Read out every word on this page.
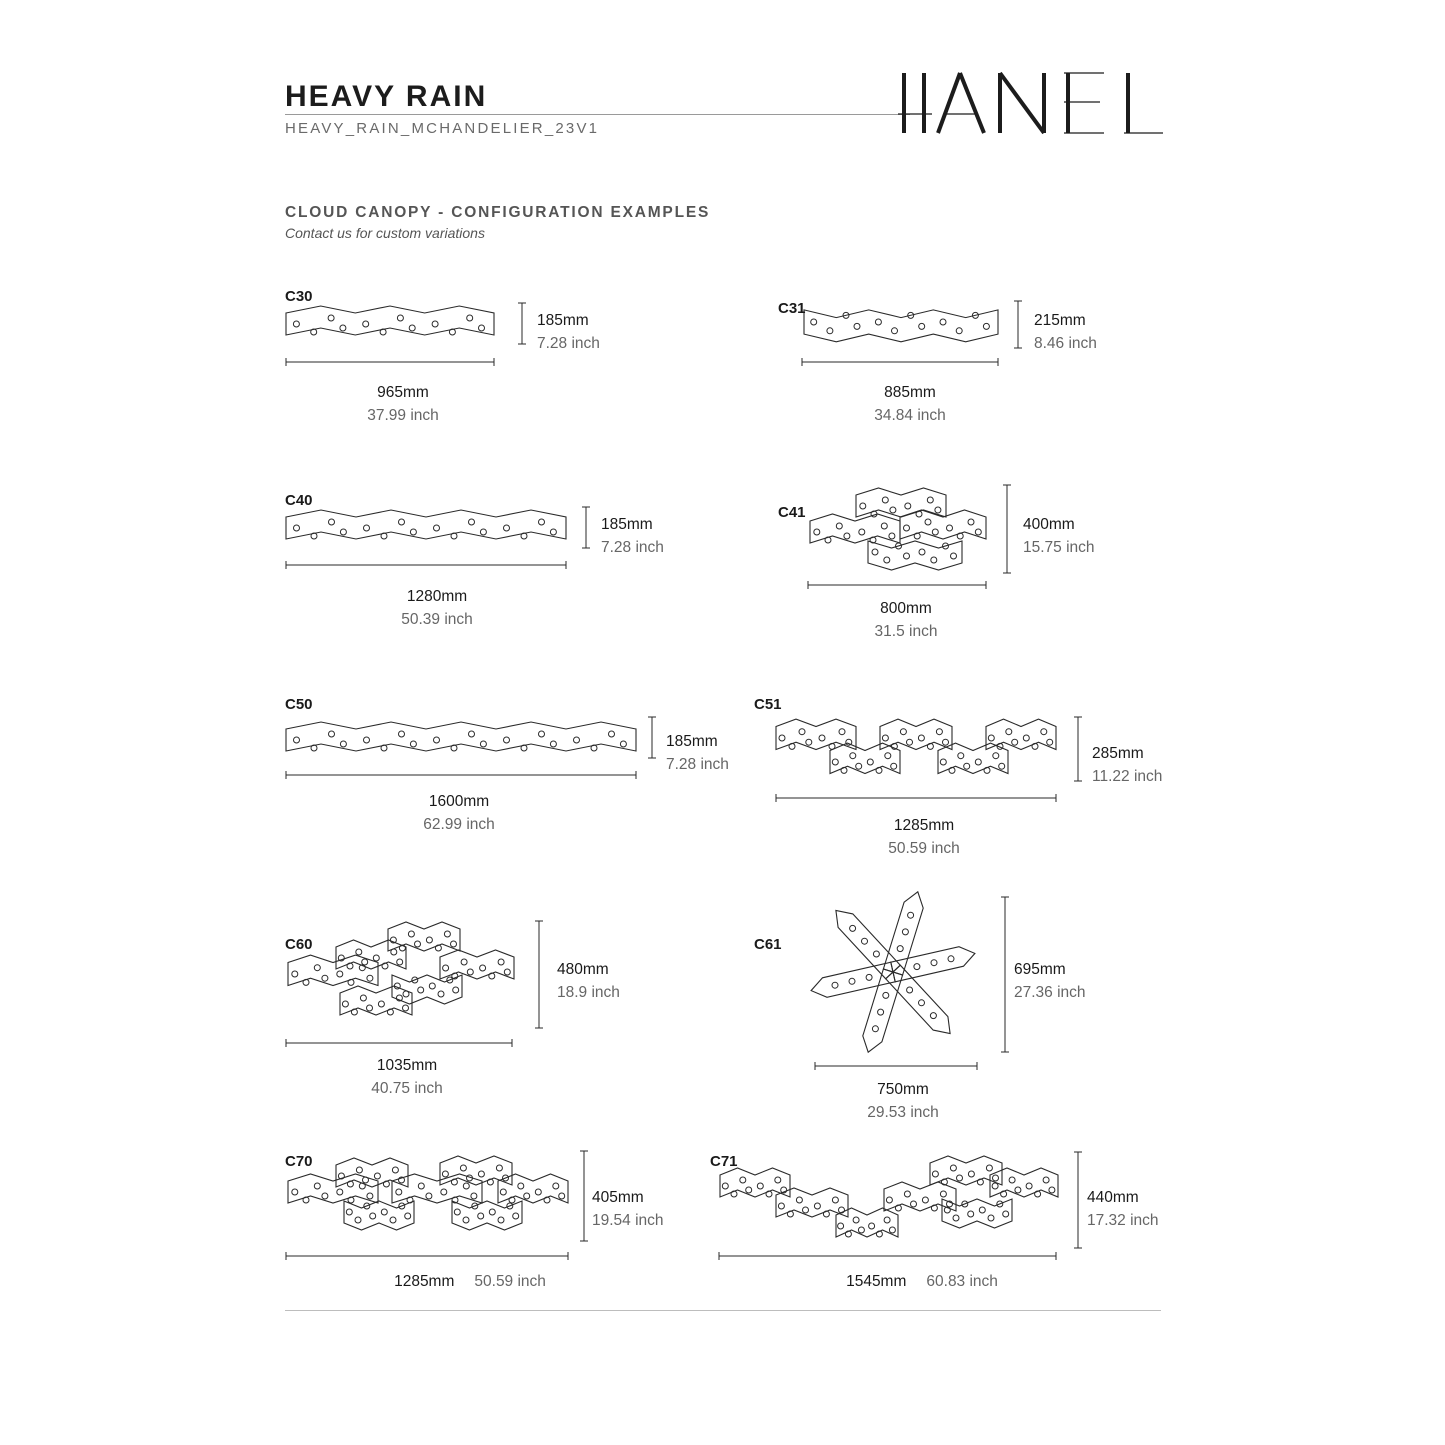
HEAVY RAIN
HEAVY_RAIN_MCHANDELIER_23V1
CLOUD CANOPY - CONFIGURATION EXAMPLES
Contact us for custom variations
C30
185mm
7.28 inch
965mm
37.99 inch
C31
215mm
8.46 inch
885mm
34.84 inch
C40
185mm
7.28 inch
1280mm
50.39 inch
C41
400mm
15.75 inch
800mm
31.5 inch
C50
185mm
7.28 inch
1600mm
62.99 inch
C51
285mm
11.22 inch
1285mm
50.59 inch
C60
480mm
18.9 inch
1035mm
40.75 inch
C61
695mm
27.36 inch
750mm
29.53 inch
C70
405mm
19.54 inch
1285mm 50.59 inch
C71
440mm
17.32 inch
1545mm 60.83 inch
